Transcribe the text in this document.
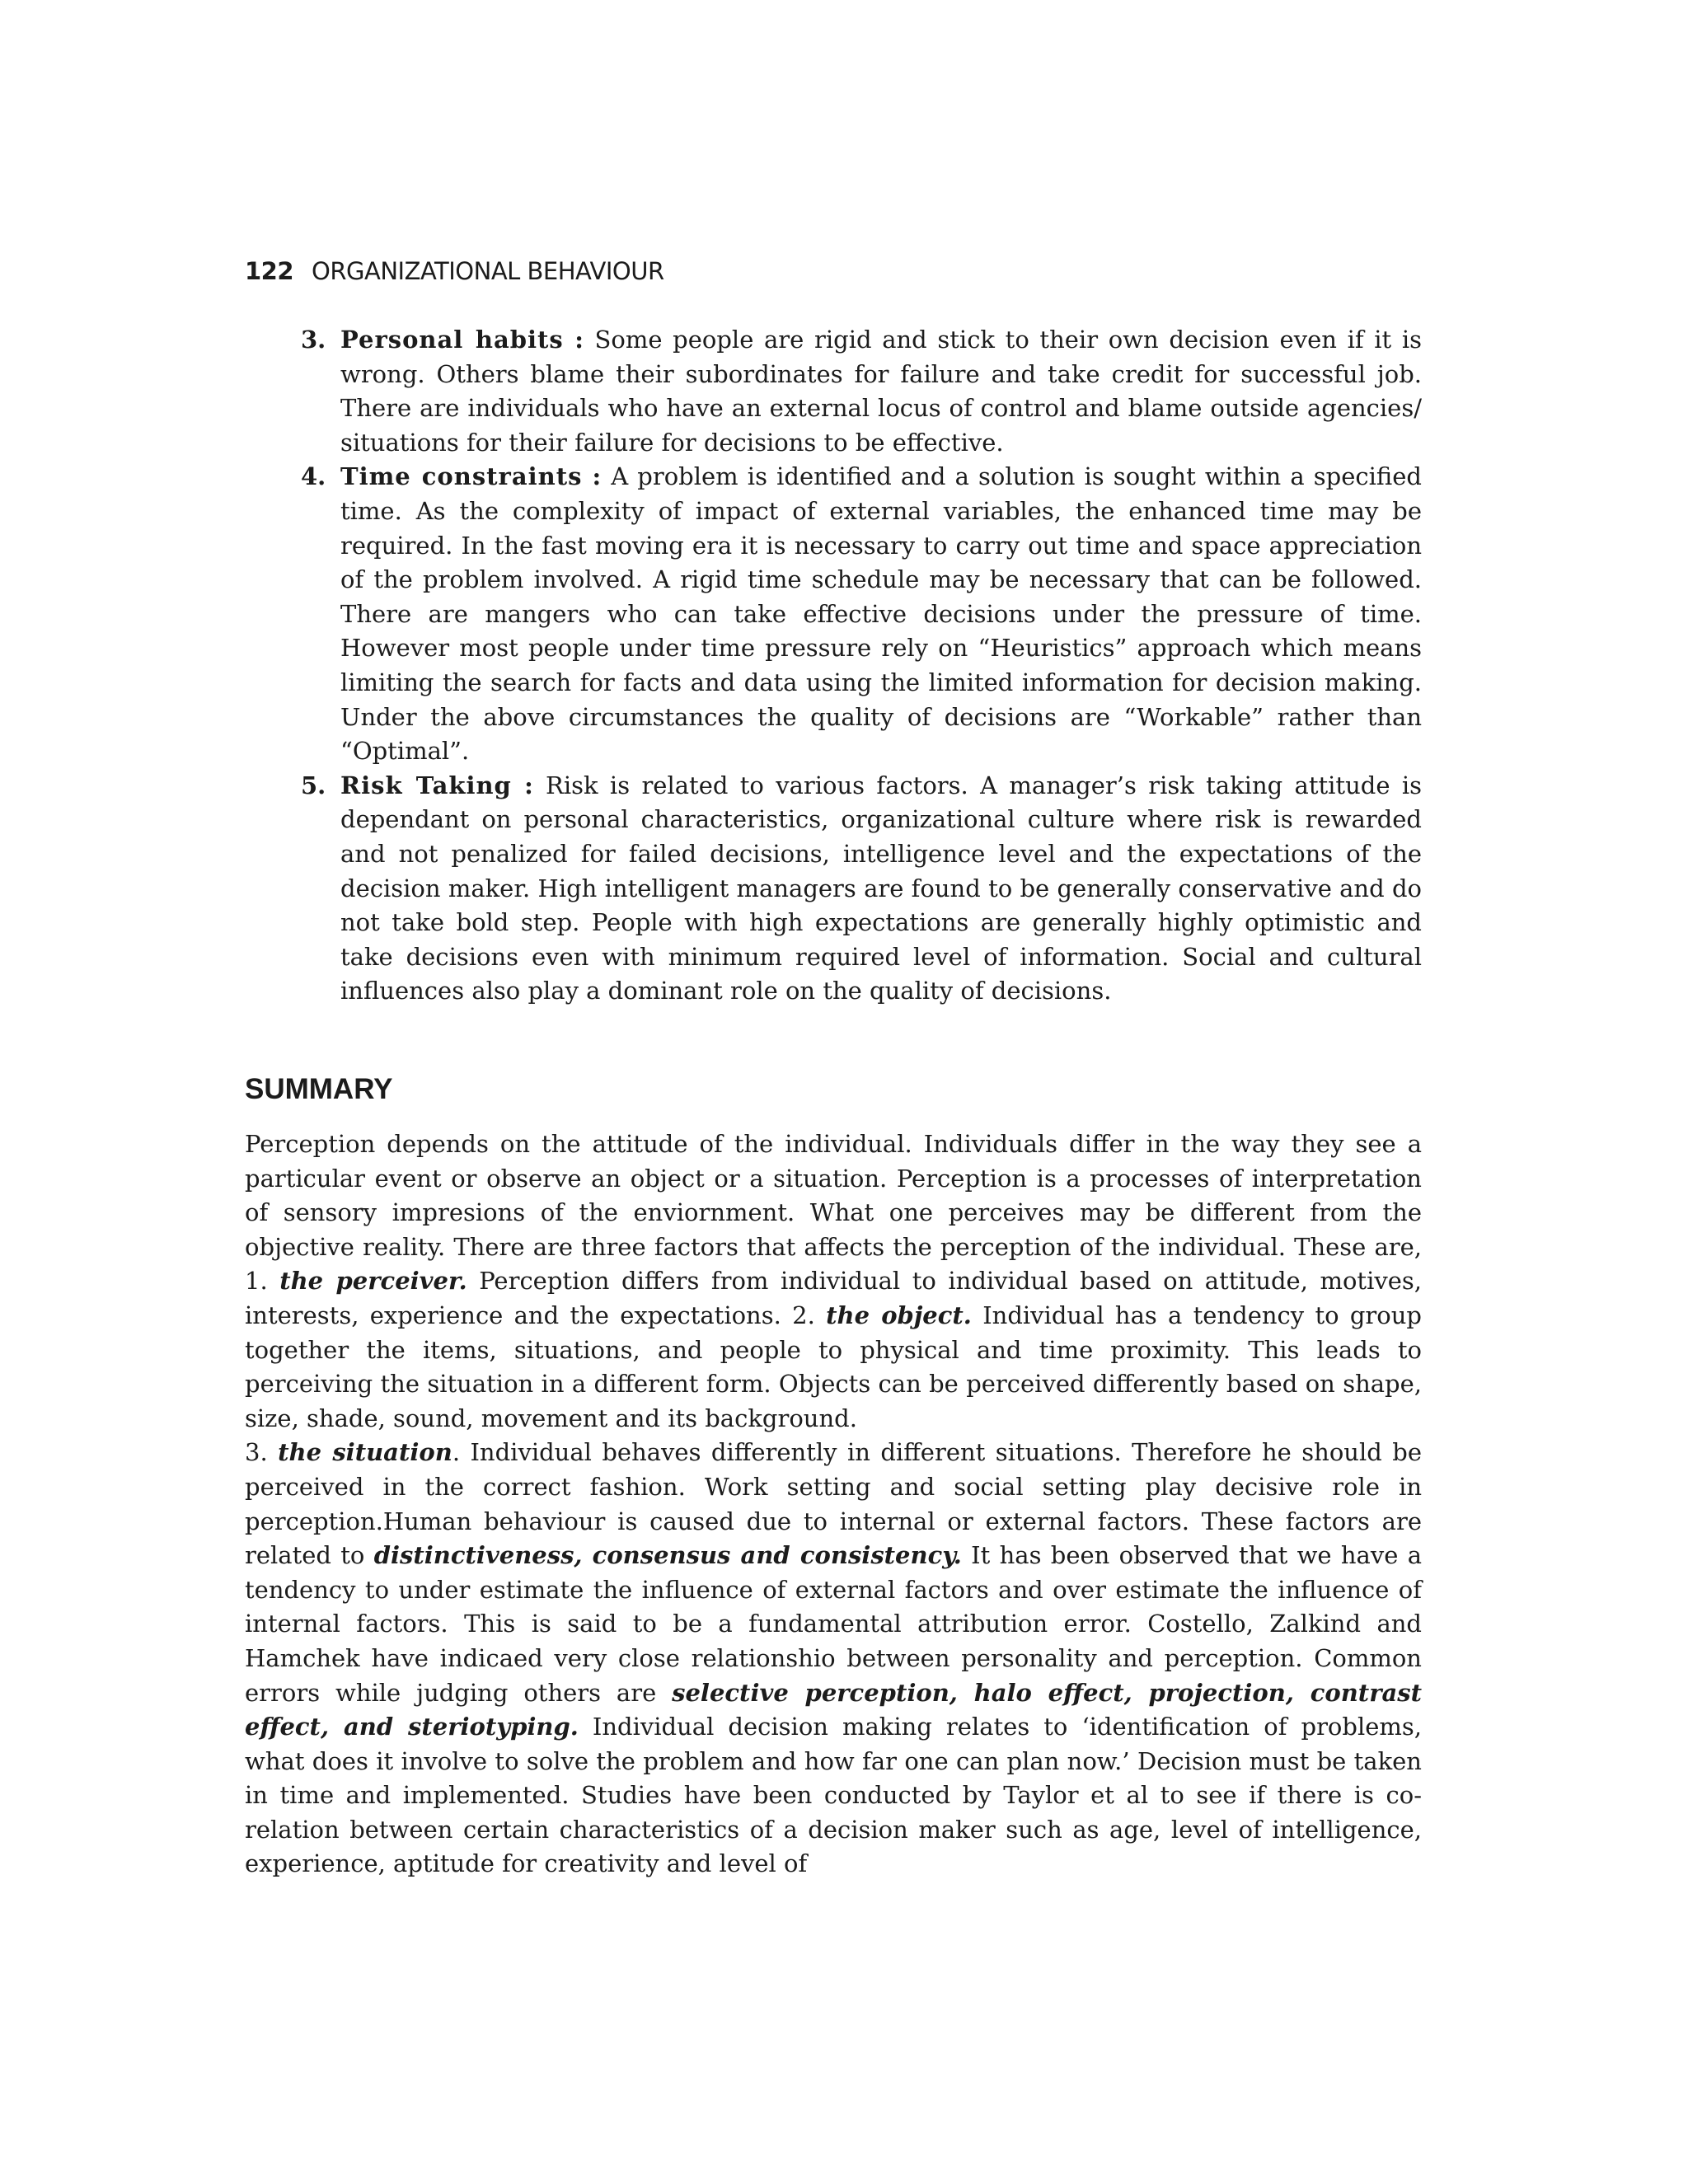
122 ORGANIZATIONAL BEHAVIOUR

3. Personal habits : Some people are rigid and stick to their own decision even if it is wrong. Others blame their subordinates for failure and take credit for successful job. There are individuals who have an external locus of control and blame outside agencies/ situations for their failure for decisions to be effective.

4. Time constraints : A problem is identified and a solution is sought within a specified time. As the complexity of impact of external variables, the enhanced time may be required. In the fast moving era it is necessary to carry out time and space appreciation of the problem involved. A rigid time schedule may be necessary that can be followed. There are mangers who can take effective decisions under the pressure of time. However most people under time pressure rely on “Heuristics” approach which means limiting the search for facts and data using the limited information for decision making. Under the above circumstances the quality of decisions are “Workable” rather than “Optimal”.

5. Risk Taking : Risk is related to various factors. A manager’s risk taking attitude is dependant on personal characteristics, organizational culture where risk is rewarded and not penalized for failed decisions, intelligence level and the expectations of the decision maker. High intelligent managers are found to be generally conservative and do not take bold step. People with high expectations are generally highly optimistic and take decisions even with minimum required level of information. Social and cultural influences also play a dominant role on the quality of decisions.

SUMMARY

Perception depends on the attitude of the individual. Individuals differ in the way they see a particular event or observe an object or a situation. Perception is a processes of interpretation of sensory impresions of the enviornment. What one perceives may be different from the objective reality. There are three factors that affects the perception of the individual. These are, 1. the perceiver. Perception differs from individual to individual based on attitude, motives, interests, experience and the expectations. 2. the object. Individual has a tendency to group together the items, situations, and people to physical and time proximity. This leads to perceiving the situation in a different form. Objects can be perceived differently based on shape, size, shade, sound, movement and its background.

3. the situation. Individual behaves differently in different situations. Therefore he should be perceived in the correct fashion. Work setting and social setting play decisive role in perception.Human behaviour is caused due to internal or external factors. These factors are related to distinctiveness, consensus and consistency. It has been observed that we have a tendency to under estimate the influence of external factors and over estimate the influence of internal factors. This is said to be a fundamental attribution error. Costello, Zalkind and Hamchek have indicaed very close relationshio between personality and perception. Common errors while judging others are selective perception, halo effect, projection, contrast effect, and steriotyping. Individual decision making relates to ‘identification of problems, what does it involve to solve the problem and how far one can plan now.’ Decision must be taken in time and implemented. Studies have been conducted by Taylor et al to see if there is co-relation between certain characteristics of a decision maker such as age, level of intelligence, experience, aptitude for creativity and level of
